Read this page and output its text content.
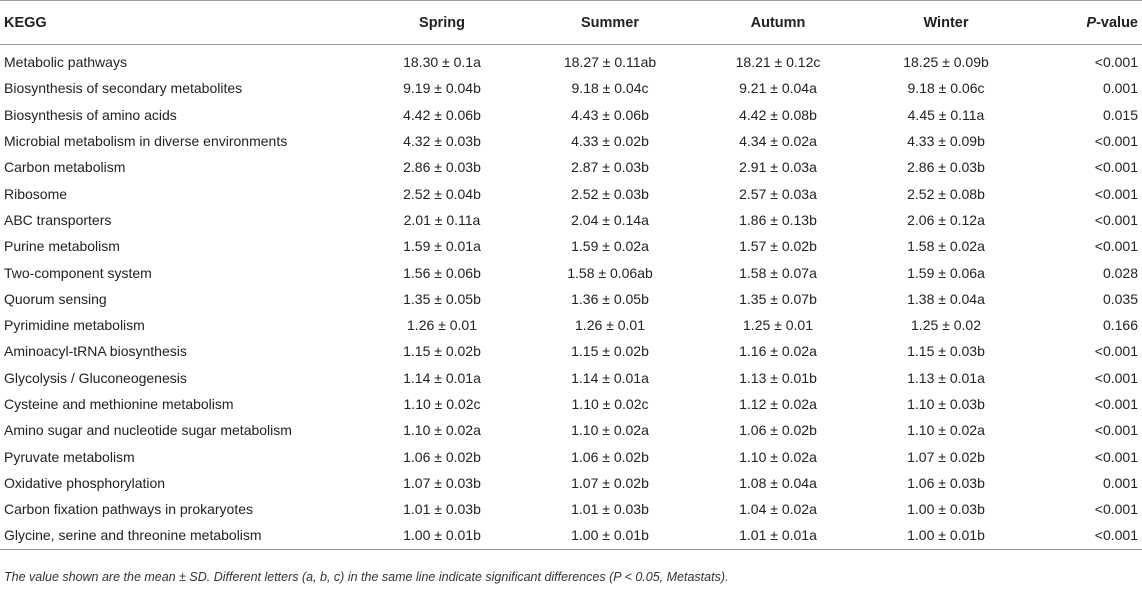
KEGG	Spring	Summer	Autumn	Winter	P-value
Metabolic pathways	18.30 ± 0.1a	18.27 ± 0.11ab	18.21 ± 0.12c	18.25 ± 0.09b	<0.001
Biosynthesis of secondary metabolites	9.19 ± 0.04b	9.18 ± 0.04c	9.21 ± 0.04a	9.18 ± 0.06c	0.001
Biosynthesis of amino acids	4.42 ± 0.06b	4.43 ± 0.06b	4.42 ± 0.08b	4.45 ± 0.11a	0.015
Microbial metabolism in diverse environments	4.32 ± 0.03b	4.33 ± 0.02b	4.34 ± 0.02a	4.33 ± 0.09b	<0.001
Carbon metabolism	2.86 ± 0.03b	2.87 ± 0.03b	2.91 ± 0.03a	2.86 ± 0.03b	<0.001
Ribosome	2.52 ± 0.04b	2.52 ± 0.03b	2.57 ± 0.03a	2.52 ± 0.08b	<0.001
ABC transporters	2.01 ± 0.11a	2.04 ± 0.14a	1.86 ± 0.13b	2.06 ± 0.12a	<0.001
Purine metabolism	1.59 ± 0.01a	1.59 ± 0.02a	1.57 ± 0.02b	1.58 ± 0.02a	<0.001
Two-component system	1.56 ± 0.06b	1.58 ± 0.06ab	1.58 ± 0.07a	1.59 ± 0.06a	0.028
Quorum sensing	1.35 ± 0.05b	1.36 ± 0.05b	1.35 ± 0.07b	1.38 ± 0.04a	0.035
Pyrimidine metabolism	1.26 ± 0.01	1.26 ± 0.01	1.25 ± 0.01	1.25 ± 0.02	0.166
Aminoacyl-tRNA biosynthesis	1.15 ± 0.02b	1.15 ± 0.02b	1.16 ± 0.02a	1.15 ± 0.03b	<0.001
Glycolysis / Gluconeogenesis	1.14 ± 0.01a	1.14 ± 0.01a	1.13 ± 0.01b	1.13 ± 0.01a	<0.001
Cysteine and methionine metabolism	1.10 ± 0.02c	1.10 ± 0.02c	1.12 ± 0.02a	1.10 ± 0.03b	<0.001
Amino sugar and nucleotide sugar metabolism	1.10 ± 0.02a	1.10 ± 0.02a	1.06 ± 0.02b	1.10 ± 0.02a	<0.001
Pyruvate metabolism	1.06 ± 0.02b	1.06 ± 0.02b	1.10 ± 0.02a	1.07 ± 0.02b	<0.001
Oxidative phosphorylation	1.07 ± 0.03b	1.07 ± 0.02b	1.08 ± 0.04a	1.06 ± 0.03b	0.001
Carbon fixation pathways in prokaryotes	1.01 ± 0.03b	1.01 ± 0.03b	1.04 ± 0.02a	1.00 ± 0.03b	<0.001
Glycine, serine and threonine metabolism	1.00 ± 0.01b	1.00 ± 0.01b	1.01 ± 0.01a	1.00 ± 0.01b	<0.001
The value shown are the mean ± SD. Different letters (a, b, c) in the same line indicate significant differences (P < 0.05, Metastats).
